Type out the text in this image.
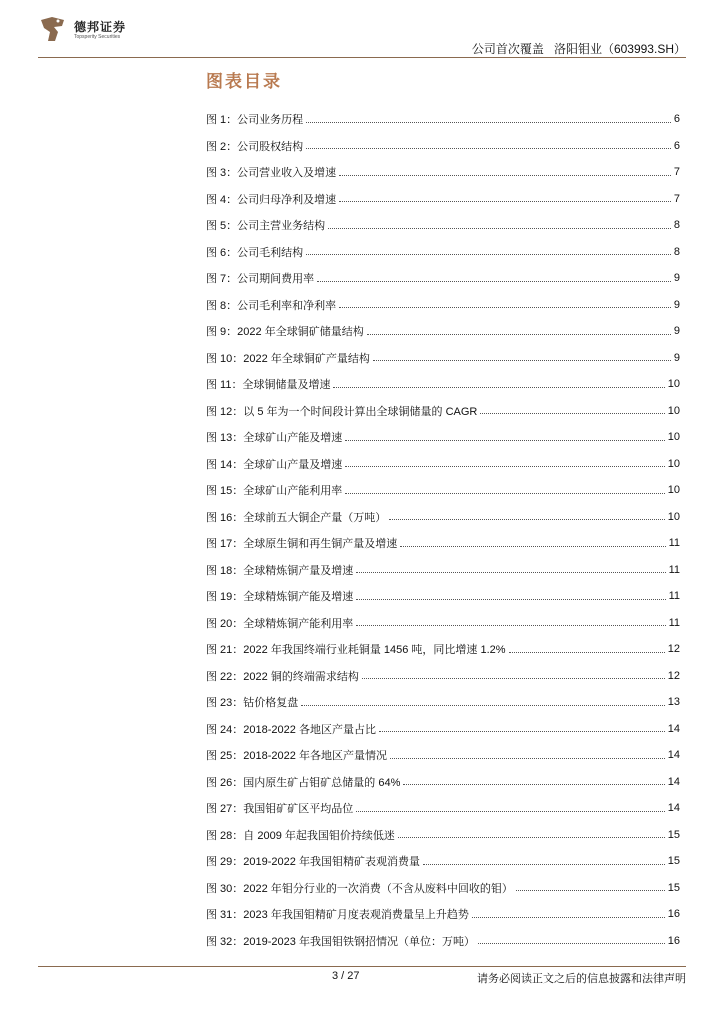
德邦证券
Topsperity Securities
公司首次覆盖 洛阳钼业（603993.SH）
图表目录
图 1：公司业务历程	6
图 2：公司股权结构	6
图 3：公司营业收入及增速	7
图 4：公司归母净利及增速	7
图 5：公司主营业务结构	8
图 6：公司毛利结构	8
图 7：公司期间费用率	9
图 8：公司毛利率和净利率	9
图 9：2022 年全球铜矿储量结构	9
图 10：2022 年全球铜矿产量结构	9
图 11：全球铜储量及增速	10
图 12：以 5 年为一个时间段计算出全球铜储量的 CAGR	10
图 13：全球矿山产能及增速	10
图 14：全球矿山产量及增速	10
图 15：全球矿山产能利用率	10
图 16：全球前五大铜企产量（万吨）	10
图 17：全球原生铜和再生铜产量及增速	11
图 18：全球精炼铜产量及增速	11
图 19：全球精炼铜产能及增速	11
图 20：全球精炼铜产能利用率	11
图 21：2022 年我国终端行业耗铜量 1456 吨，同比增速 1.2%	12
图 22：2022 铜的终端需求结构	12
图 23：钴价格复盘	13
图 24：2018-2022 各地区产量占比	14
图 25：2018-2022 年各地区产量情况	14
图 26：国内原生矿占钼矿总储量的 64%	14
图 27：我国钼矿矿区平均品位	14
图 28：自 2009 年起我国钼价持续低迷	15
图 29：2019-2022 年我国钼精矿表观消费量	15
图 30：2022 年钼分行业的一次消费（不含从废料中回收的钼）	15
图 31：2023 年我国钼精矿月度表观消费量呈上升趋势	16
图 32：2019-2023 年我国钼铁钢招情况（单位：万吨）	16
3 / 27	请务必阅读正文之后的信息披露和法律声明
